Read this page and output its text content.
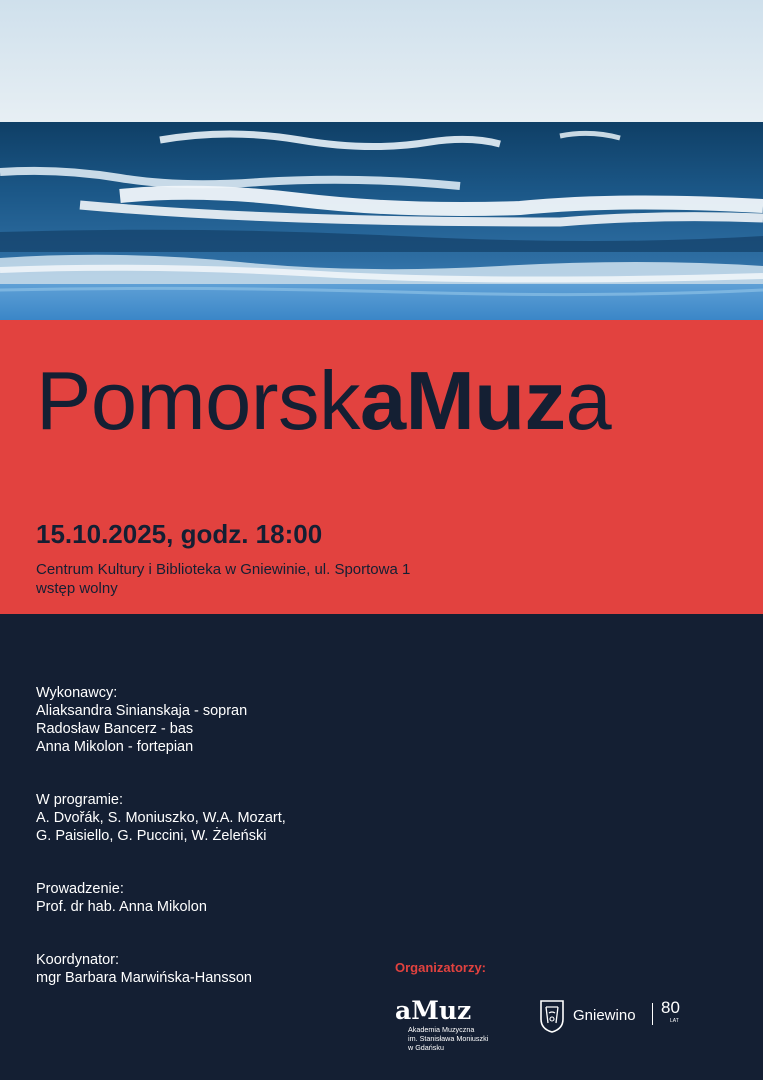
PomorskaMuza
15.10.2025, godz. 18:00
Centrum Kultury i Biblioteka w Gniewinie, ul. Sportowa 1
wstęp wolny
Wykonawcy:
Aliaksandra Sinianskaja - sopran
Radosław Bancerz - bas
Anna Mikolon - fortepian
W programie:
A. Dvořák, S. Moniuszko, W.A. Mozart,
G. Paisiello, G. Puccini, W. Żeleński
Prowadzenie:
Prof. dr hab. Anna Mikolon
Koordynator:
mgr Barbara Marwińska-Hansson
Organizatorzy:
aMuz
Akademia Muzyczna
im. Stanisława Moniuszki
w Gdańsku
Gniewino 80
LAT
